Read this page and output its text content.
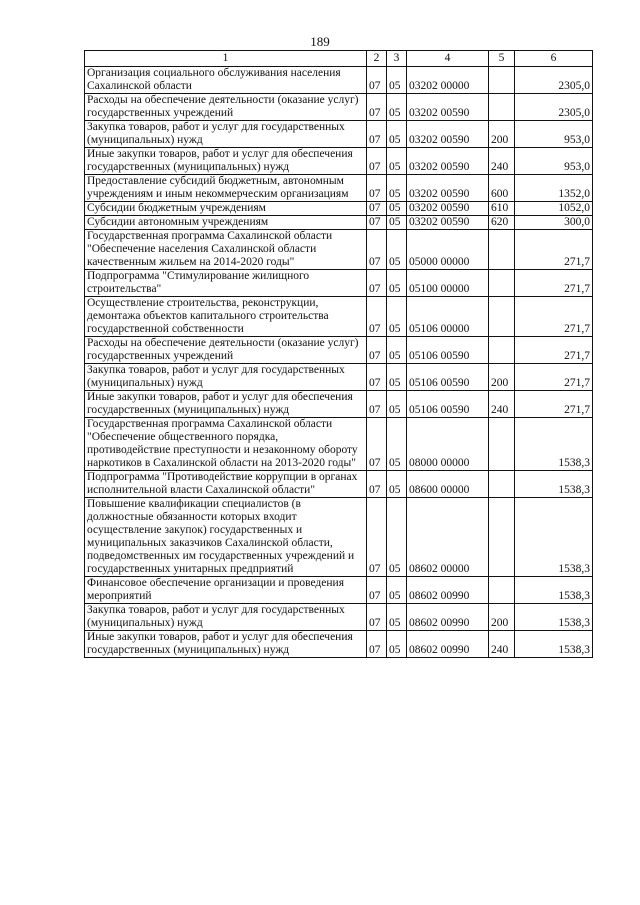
189
1	2	3	4	5	6
Организация социального обслуживания населения Сахалинской области	07	05	03202 00000		2305,0
Расходы на обеспечение деятельности (оказание услуг) государственных учреждений	07	05	03202 00590		2305,0
Закупка товаров, работ и услуг для государственных (муниципальных) нужд	07	05	03202 00590	200	953,0
Иные закупки товаров, работ и услуг для обеспечения государственных (муниципальных) нужд	07	05	03202 00590	240	953,0
Предоставление субсидий бюджетным, автономным учреждениям и иным некоммерческим организациям	07	05	03202 00590	600	1352,0
Субсидии бюджетным учреждениям	07	05	03202 00590	610	1052,0
Субсидии автономным учреждениям	07	05	03202 00590	620	300,0
Государственная программа Сахалинской области "Обеспечение населения Сахалинской области качественным жильем на 2014-2020 годы"	07	05	05000 00000		271,7
Подпрограмма "Стимулирование жилищного строительства"	07	05	05100 00000		271,7
Осуществление строительства, реконструкции, демонтажа объектов капитального строительства государственной собственности	07	05	05106 00000		271,7
Расходы на обеспечение деятельности (оказание услуг) государственных учреждений	07	05	05106 00590		271,7
Закупка товаров, работ и услуг для государственных (муниципальных) нужд	07	05	05106 00590	200	271,7
Иные закупки товаров, работ и услуг для обеспечения государственных (муниципальных) нужд	07	05	05106 00590	240	271,7
Государственная программа Сахалинской области "Обеспечение общественного порядка, противодействие преступности и незаконному обороту наркотиков в Сахалинской области на 2013-2020 годы"	07	05	08000 00000		1538,3
Подпрограмма "Противодействие коррупции в органах исполнительной власти Сахалинской области"	07	05	08600 00000		1538,3
Повышение квалификации специалистов (в должностные обязанности которых входит осуществление закупок) государственных и муниципальных заказчиков Сахалинской области, подведомственных им государственных учреждений и государственных унитарных предприятий	07	05	08602 00000		1538,3
Финансовое обеспечение организации и проведения мероприятий	07	05	08602 00990		1538,3
Закупка товаров, работ и услуг для государственных (муниципальных) нужд	07	05	08602 00990	200	1538,3
Иные закупки товаров, работ и услуг для обеспечения государственных (муниципальных) нужд	07	05	08602 00990	240	1538,3
